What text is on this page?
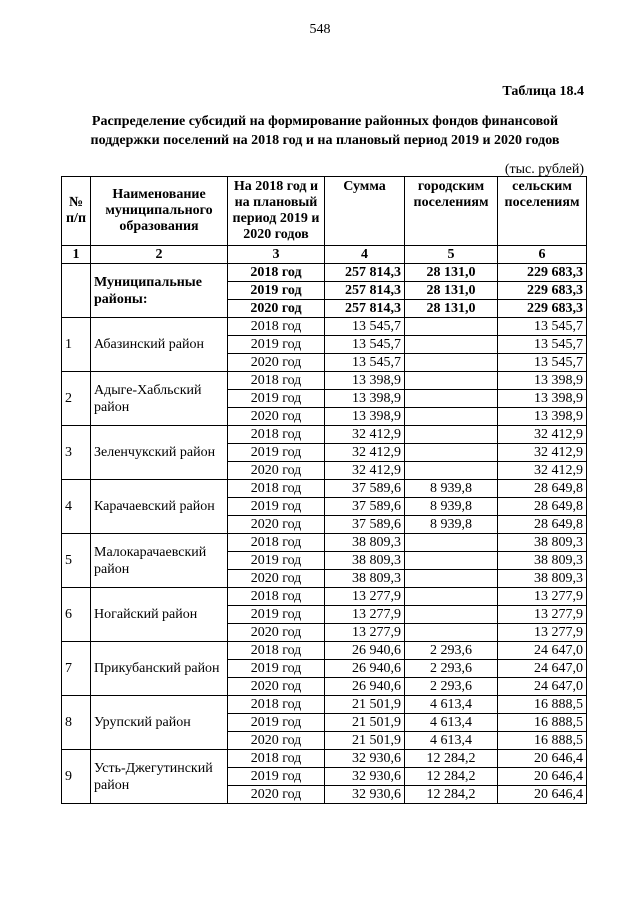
548
Таблица 18.4
Распределение субсидий на формирование районных фондов финансовой поддержки поселений на 2018 год и на плановый период 2019 и 2020 годов
(тыс. рублей)
№ п/п	Наименование муниципального образования	На 2018 год и на плановый период 2019 и 2020 годов	Сумма	городским поселениям	сельским поселениям
1	2	3	4	5	6
	Муниципальные районы:	2018 год	257 814,3	28 131,0	229 683,3
		2019 год	257 814,3	28 131,0	229 683,3
		2020 год	257 814,3	28 131,0	229 683,3
1	Абазинский район	2018 год	13 545,7		13 545,7
		2019 год	13 545,7		13 545,7
		2020 год	13 545,7		13 545,7
2	Адыге-Хабльский район	2018 год	13 398,9		13 398,9
		2019 год	13 398,9		13 398,9
		2020 год	13 398,9		13 398,9
3	Зеленчукский район	2018 год	32 412,9		32 412,9
		2019 год	32 412,9		32 412,9
		2020 год	32 412,9		32 412,9
4	Карачаевский район	2018 год	37 589,6	8 939,8	28 649,8
		2019 год	37 589,6	8 939,8	28 649,8
		2020 год	37 589,6	8 939,8	28 649,8
5	Малокарачаевский район	2018 год	38 809,3		38 809,3
		2019 год	38 809,3		38 809,3
		2020 год	38 809,3		38 809,3
6	Ногайский район	2018 год	13 277,9		13 277,9
		2019 год	13 277,9		13 277,9
		2020 год	13 277,9		13 277,9
7	Прикубанский район	2018 год	26 940,6	2 293,6	24 647,0
		2019 год	26 940,6	2 293,6	24 647,0
		2020 год	26 940,6	2 293,6	24 647,0
8	Урупский район	2018 год	21 501,9	4 613,4	16 888,5
		2019 год	21 501,9	4 613,4	16 888,5
		2020 год	21 501,9	4 613,4	16 888,5
9	Усть-Джегутинский район	2018 год	32 930,6	12 284,2	20 646,4
		2019 год	32 930,6	12 284,2	20 646,4
		2020 год	32 930,6	12 284,2	20 646,4
